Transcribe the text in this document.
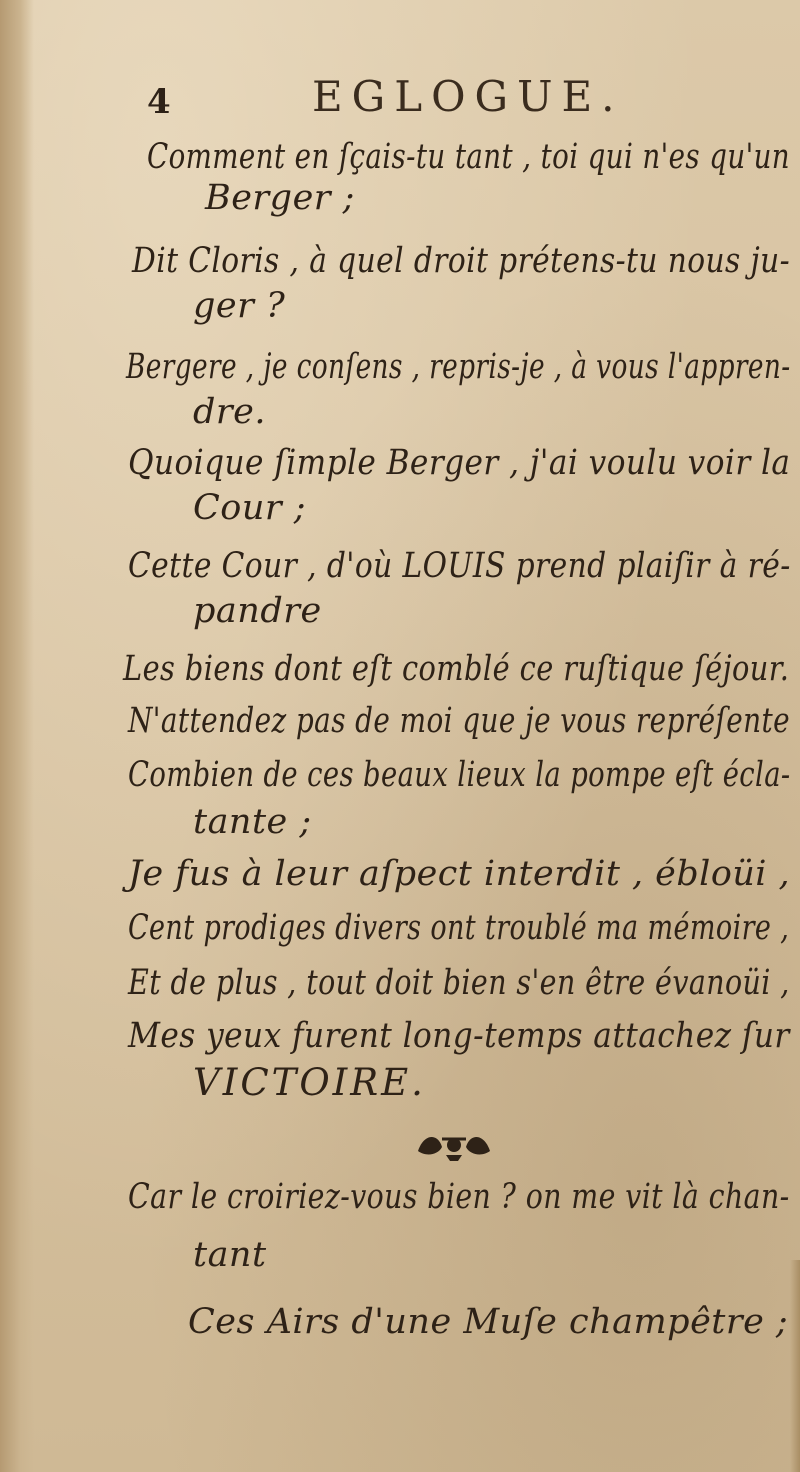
4	EGLOGUE.
Comment en ſçais-tu tant , toi qui n'es qu'un
Berger ;
Dit Cloris , à quel droit prétens-tu nous ju-
ger ?
Bergere , je conſens , repris-je , à vous l'appren-
dre.
Quoique ſimple Berger , j'ai voulu voir la
Cour ;
Cette Cour , d'où LOUIS prend plaiſir à ré-
pandre
Les biens dont eſt comblé ce ruſtique ſéjour.
N'attendez pas de moi que je vous repréſente
Combien de ces beaux lieux la pompe eſt écla-
tante ;
Je fus à leur aſpect interdit , ébloüi ,
Cent prodiges divers ont troublé ma mémoire ,
Et de plus , tout doit bien s'en être évanoüi ,
Mes yeux furent long-temps attachez ſur
VICTOIRE.
Car le croiriez-vous bien ? on me vit là chan-
tant
Ces Airs d'une Muſe champêtre ;
